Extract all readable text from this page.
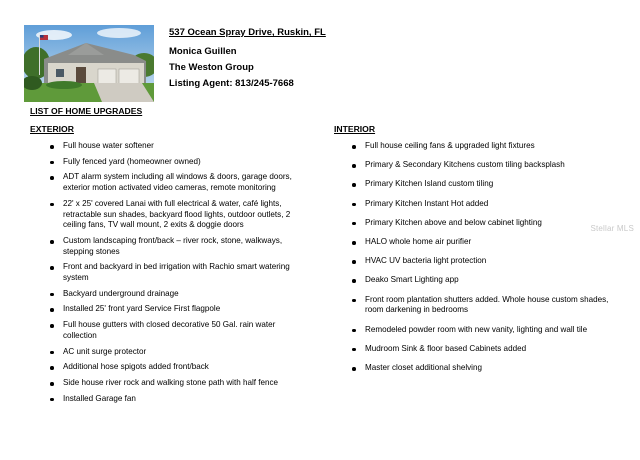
537 Ocean Spray Drive, Ruskin, FL
Monica Guillen
The Weston Group
Listing Agent: 813/245-7668
LIST OF HOME UPGRADES
EXTERIOR	INTERIOR
Full house water softener
Fully fenced yard (homeowner owned)
ADT alarm system including all windows & doors, garage doors, exterior motion activated video cameras, remote monitoring
22' x 25' covered Lanai with full electrical & water, café lights, retractable sun shades, backyard flood lights, outdoor outlets, 2 ceiling fans, TV wall mount, 2 exits & doggie doors
Custom landscaping front/back – river rock, stone, walkways, stepping stones
Front and backyard in bed irrigation with Rachio smart watering system
Backyard underground drainage
Installed 25' front yard Service First flagpole
Full house gutters with closed decorative 50 Gal. rain water collection
AC unit surge protector
Additional hose spigots added front/back
Side house river rock and walking stone path with half fence
Installed Garage fan
Full house ceiling fans & upgraded light fixtures
Primary & Secondary Kitchens custom tiling backsplash
Primary Kitchen Island custom tiling
Primary Kitchen Instant Hot added
Primary Kitchen above and below cabinet lighting
HALO whole home air purifier
HVAC UV bacteria light protection
Deako Smart Lighting app
Front room plantation shutters added. Whole house custom shades, room darkening in bedrooms
Remodeled powder room with new vanity, lighting and wall tile
Mudroom Sink & floor based Cabinets added
Master closet additional shelving
Stellar MLS
